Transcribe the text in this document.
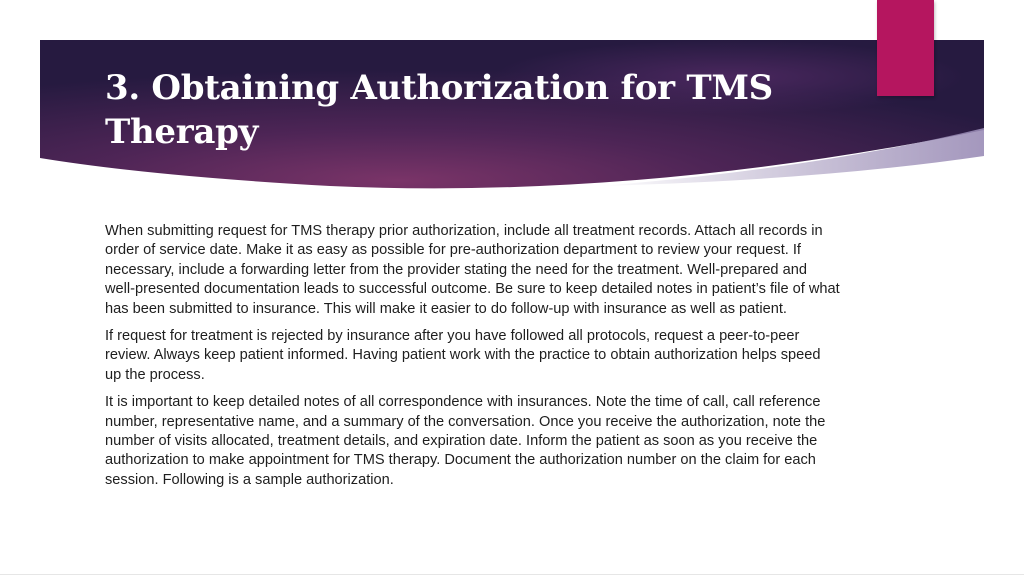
3. Obtaining Authorization for TMS Therapy

When submitting request for TMS therapy prior authorization, include all treatment records. Attach all records in order of service date. Make it as easy as possible for pre-authorization department to review your request. If necessary, include a forwarding letter from the provider stating the need for the treatment. Well-prepared and well-presented documentation leads to successful outcome. Be sure to keep detailed notes in patient’s file of what has been submitted to insurance. This will make it easier to do follow-up with insurance as well as patient.

If request for treatment is rejected by insurance after you have followed all protocols, request a peer-to-peer review. Always keep patient informed. Having patient work with the practice to obtain authorization helps speed up the process.

It is important to keep detailed notes of all correspondence with insurances. Note the time of call, call reference number, representative name, and a summary of the conversation. Once you receive the authorization, note the number of visits allocated, treatment details, and expiration date. Inform the patient as soon as you receive the authorization to make appointment for TMS therapy. Document the authorization number on the claim for each session. Following is a sample authorization.
